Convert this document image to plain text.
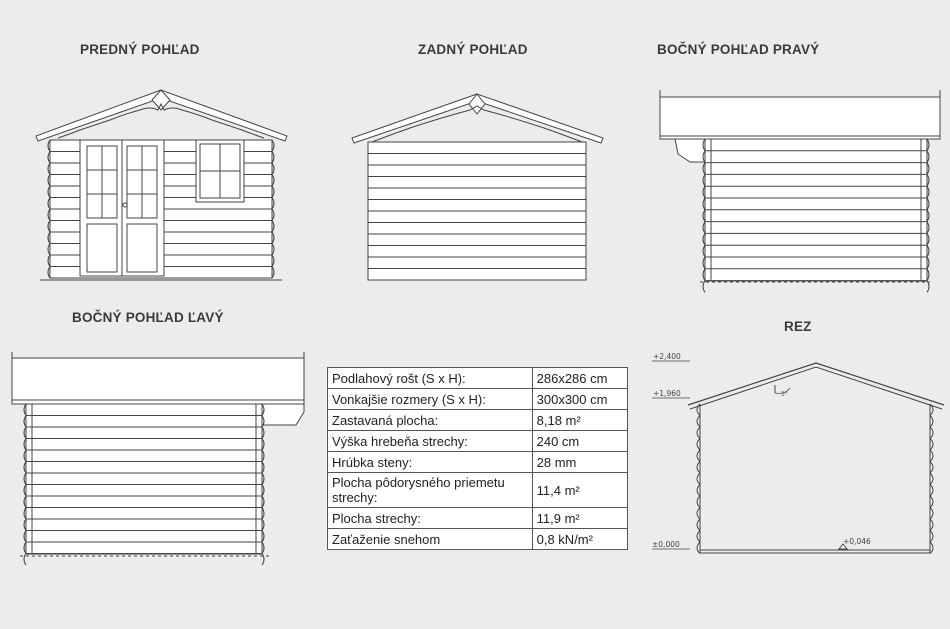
PREDNÝ POHĽAD	ZADNÝ POHĽAD	BOČNÝ POHĽAD PRAVÝ
BOČNÝ POHĽAD ĽAVÝ
REZ
5°
+2,400
+1,960
±0,000	+0,046
Podlahový rošt (S x H):	286x286 cm
Vonkajšie rozmery (S x H):	300x300 cm
Zastavaná plocha:	8,18 m²
Výška hrebeňa strechy:	240 cm
Hrúbka steny:	28 mm
Plocha pôdorysného priemetu strechy:	11,4 m²
Plocha strechy:	11,9 m²
Zaťaženie snehom	0,8 kN/m²
